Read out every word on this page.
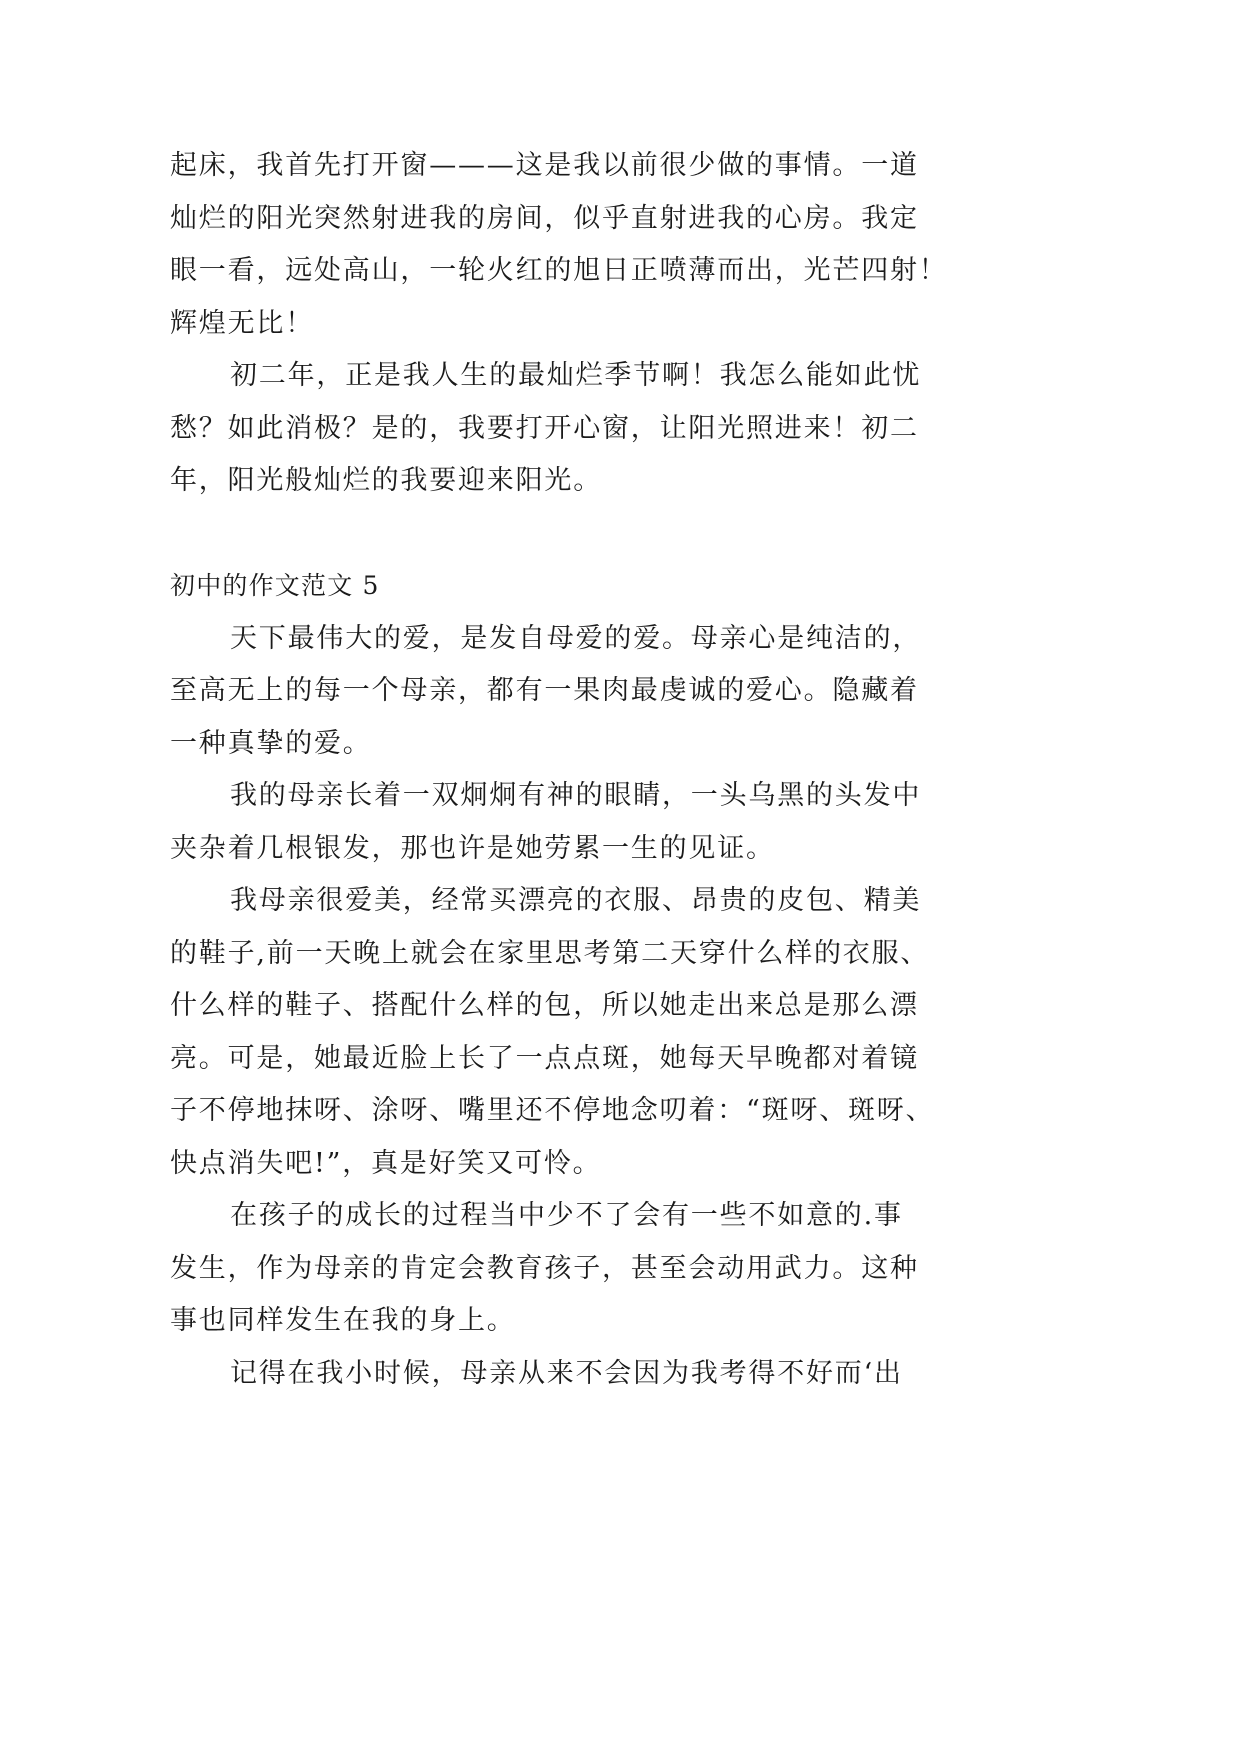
起床，我首先打开窗———这是我以前很少做的事情。一道
灿烂的阳光突然射进我的房间，似乎直射进我的心房。我定
眼一看，远处高山，一轮火红的旭日正喷薄而出，光芒四射！
辉煌无比！
初二年，正是我人生的最灿烂季节啊！我怎么能如此忧
愁？如此消极？是的，我要打开心窗，让阳光照进来！初二
年，阳光般灿烂的我要迎来阳光。
初中的作文范文 5
天下最伟大的爱，是发自母爱的爱。母亲心是纯洁的，
至高无上的每一个母亲，都有一果肉最虔诚的爱心。隐藏着
一种真挚的爱。
我的母亲长着一双炯炯有神的眼睛，一头乌黑的头发中
夹杂着几根银发，那也许是她劳累一生的见证。
我母亲很爱美，经常买漂亮的衣服、昂贵的皮包、精美
的鞋子,前一天晚上就会在家里思考第二天穿什么样的衣服、
什么样的鞋子、搭配什么样的包，所以她走出来总是那么漂
亮。可是，她最近脸上长了一点点斑，她每天早晚都对着镜
子不停地抹呀、涂呀、嘴里还不停地念叨着：“斑呀、斑呀、
快点消失吧!”，真是好笑又可怜。
在孩子的成长的过程当中少不了会有一些不如意的.事
发生，作为母亲的肯定会教育孩子，甚至会动用武力。这种
事也同样发生在我的身上。
记得在我小时候，母亲从来不会因为我考得不好而‘出
